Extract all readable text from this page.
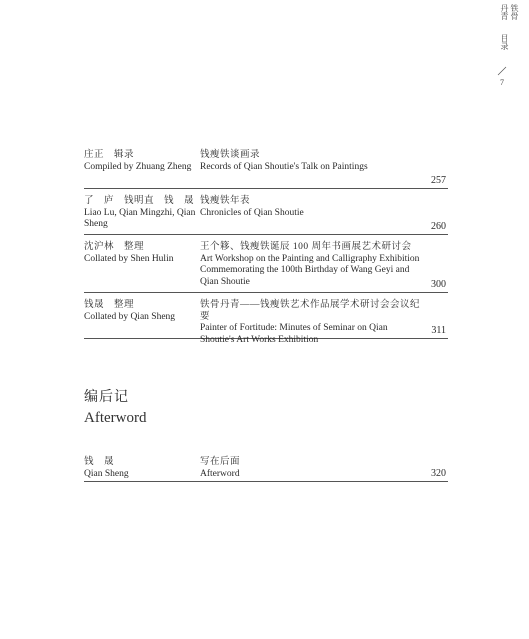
丹青 铁骨
目录
7
庄正　辑录
Compiled by Zhuang Zheng
钱瘦铁谈画录
Records of Qian Shoutie's Talk on Paintings
257
了　庐　钱明直　钱　晟
Liao Lu, Qian Mingzhi, Qian Sheng
钱瘦铁年表
Chronicles of Qian Shoutie
260
沈沪林　整理
Collated by Shen Hulin
王个簃、钱瘦铁诞辰 100 周年书画展艺术研讨会
Art Workshop on the Painting and Calligraphy Exhibition Commemorating the 100th Birthday of Wang Geyi and Qian Shoutie	300
钱晟　整理
Collated by Qian Sheng
铁骨丹青——钱瘦铁艺术作品展学术研讨会会议纪要
Painter of Fortitude: Minutes of Seminar on Qian Shoutie's Art Works Exhibition
311
编后记
Afterword
钱　晟
Qian Sheng
写在后面
Afterword	320
